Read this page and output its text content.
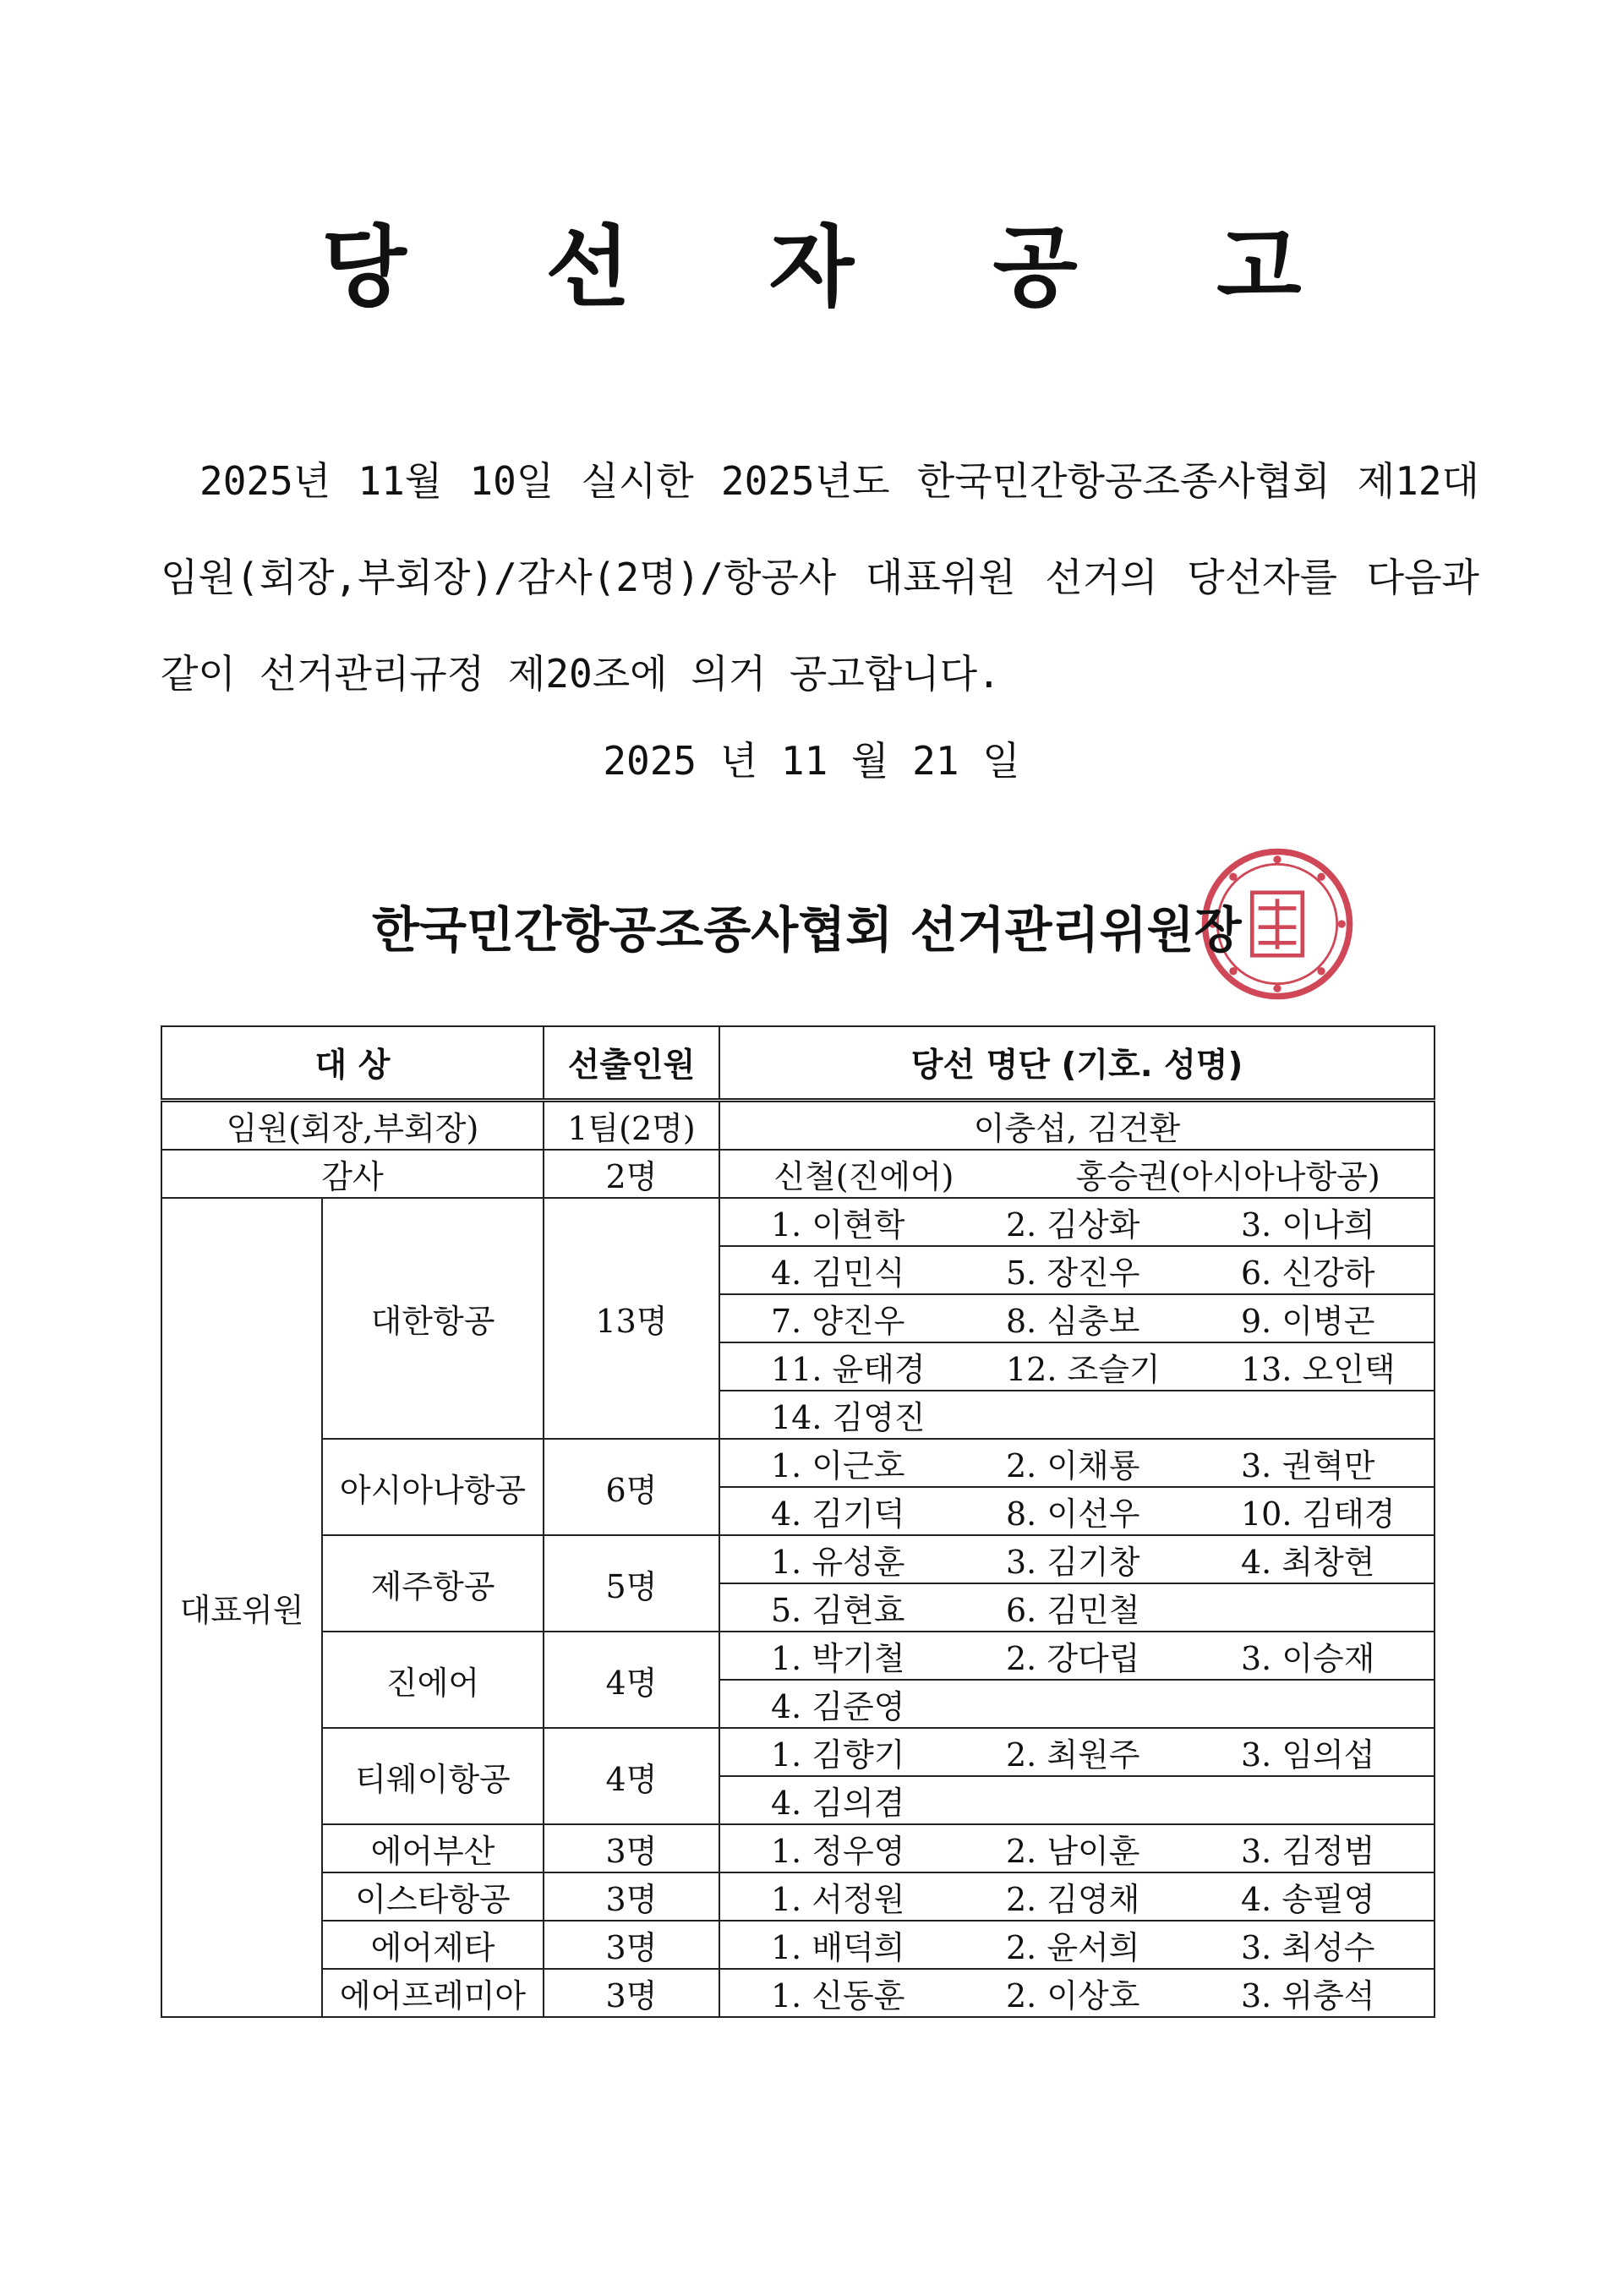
당 선 자 공 고

2025년 11월 10일 실시한 2025년도 한국민간항공조종사협회 제12대 임원(회장,부회장)/감사(2명)/항공사 대표위원 선거의 당선자를 다음과 같이 선거관리규정 제20조에 의거 공고합니다.

2025 년 11 월 21 일
한국민간항공조종사협회 선거관리위원장
대 상		선출인원	당선 명단 (기호. 성명)
임원(회장,부회장)		1팀(2명)	이충섭, 김건환
감사		2명	신철(진에어) 홍승권(아시아나항공)
대표위원	대한항공	13명	1. 이현학 2. 김상화 3. 이나희
			4. 김민식 5. 장진우 6. 신강하
			7. 양진우 8. 심충보 9. 이병곤
			11. 윤태경 12. 조슬기 13. 오인택
			14. 김영진
	아시아나항공	6명	1. 이근호 2. 이채룡 3. 권혁만
			4. 김기덕 8. 이선우 10. 김태경
	제주항공	5명	1. 유성훈 3. 김기창 4. 최창현
			5. 김현효 6. 김민철
	진에어	4명	1. 박기철 2. 강다립 3. 이승재
			4. 김준영
	티웨이항공	4명	1. 김향기 2. 최원주 3. 임의섭
			4. 김의겸
	에어부산	3명	1. 정우영 2. 남이훈 3. 김정범
	이스타항공	3명	1. 서정원 2. 김영채 4. 송필영
	에어제타	3명	1. 배덕희 2. 윤서희 3. 최성수
	에어프레미아	3명	1. 신동훈 2. 이상호 3. 위충석
